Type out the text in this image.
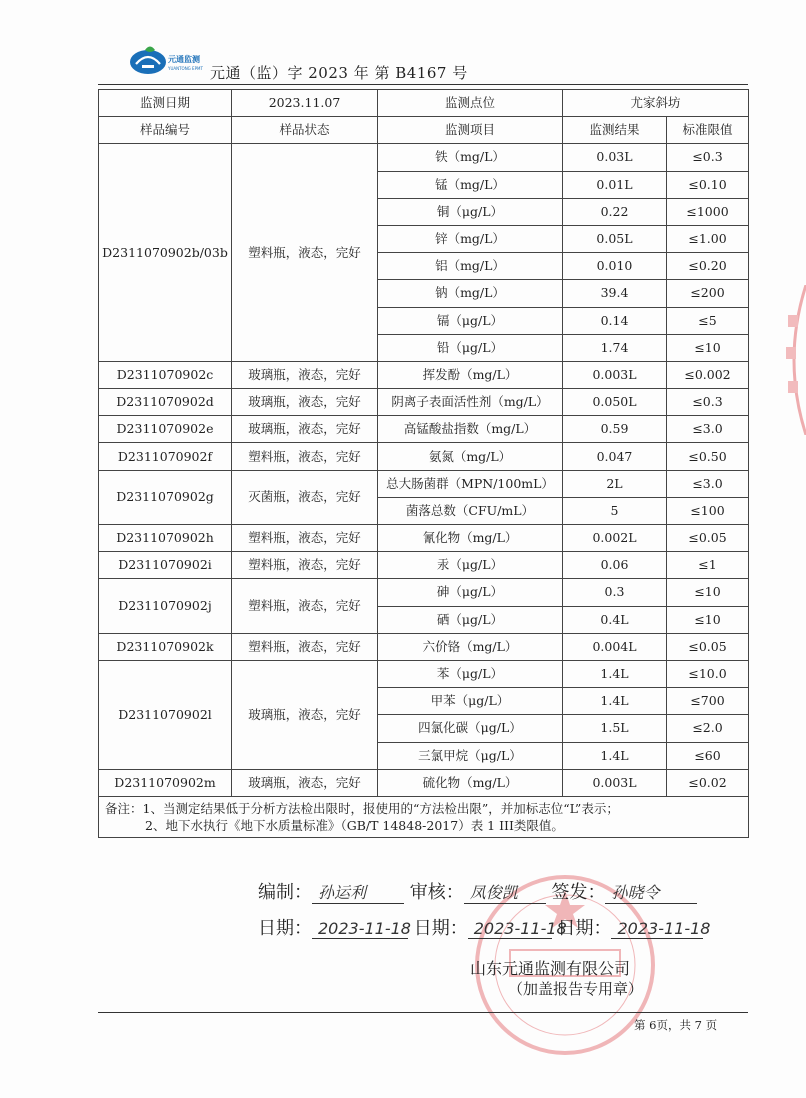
元通监测
YUANTONG EPMT 元通（监）字 2023 年 第 B4167 号
监测日期	2023.11.07	监测点位	尤家斜坊	
样品编号	样品状态	监测项目	监测结果	标准限值
D2311070902b/03b	塑料瓶，液态，完好	铁（mg/L）	0.03L	≤0.3
		锰（mg/L）	0.01L	≤0.10
		铜（μg/L）	0.22	≤1000
		锌（mg/L）	0.05L	≤1.00
		铝（mg/L）	0.010	≤0.20
		钠（mg/L）	39.4	≤200
		镉（μg/L）	0.14	≤5
		铅（μg/L）	1.74	≤10
D2311070902c	玻璃瓶，液态，完好	挥发酚（mg/L）	0.003L	≤0.002
D2311070902d	玻璃瓶，液态，完好	阴离子表面活性剂（mg/L）	0.050L	≤0.3
D2311070902e	玻璃瓶，液态，完好	高锰酸盐指数（mg/L）	0.59	≤3.0
D2311070902f	塑料瓶，液态，完好	氨氮（mg/L）	0.047	≤0.50
D2311070902g	灭菌瓶，液态，完好	总大肠菌群（MPN/100mL）	2L	≤3.0
		菌落总数（CFU/mL）	5	≤100
D2311070902h	塑料瓶，液态，完好	氰化物（mg/L）	0.002L	≤0.05
D2311070902i	塑料瓶，液态，完好	汞（μg/L）	0.06	≤1
D2311070902j	塑料瓶，液态，完好	砷（μg/L）	0.3	≤10
		硒（μg/L）	0.4L	≤10
D2311070902k	塑料瓶，液态，完好	六价铬（mg/L）	0.004L	≤0.05
D2311070902l	玻璃瓶，液态，完好	苯（μg/L）	1.4L	≤10.0
		甲苯（μg/L）	1.4L	≤700
		四氯化碳（μg/L）	1.5L	≤2.0
		三氯甲烷（μg/L）	1.4L	≤60
D2311070902m	玻璃瓶，液态，完好	硫化物（mg/L）	0.003L	≤0.02

备注：1、当测定结果低于分析方法检出限时，报使用的“方法检出限”，并加标志位“L”表示；
2、地下水执行《地下水质量标准》（GB/T 14848-2017）表 1 III类限值。				
编制： 孙运利 审核： 凤俊凯 签发： 孙晓令
日期： 2023-11-18 日期： 2023-11-18 日期： 2023-11-18
山东元通监测有限公司
（加盖报告专用章）
第 6页，共 7 页
